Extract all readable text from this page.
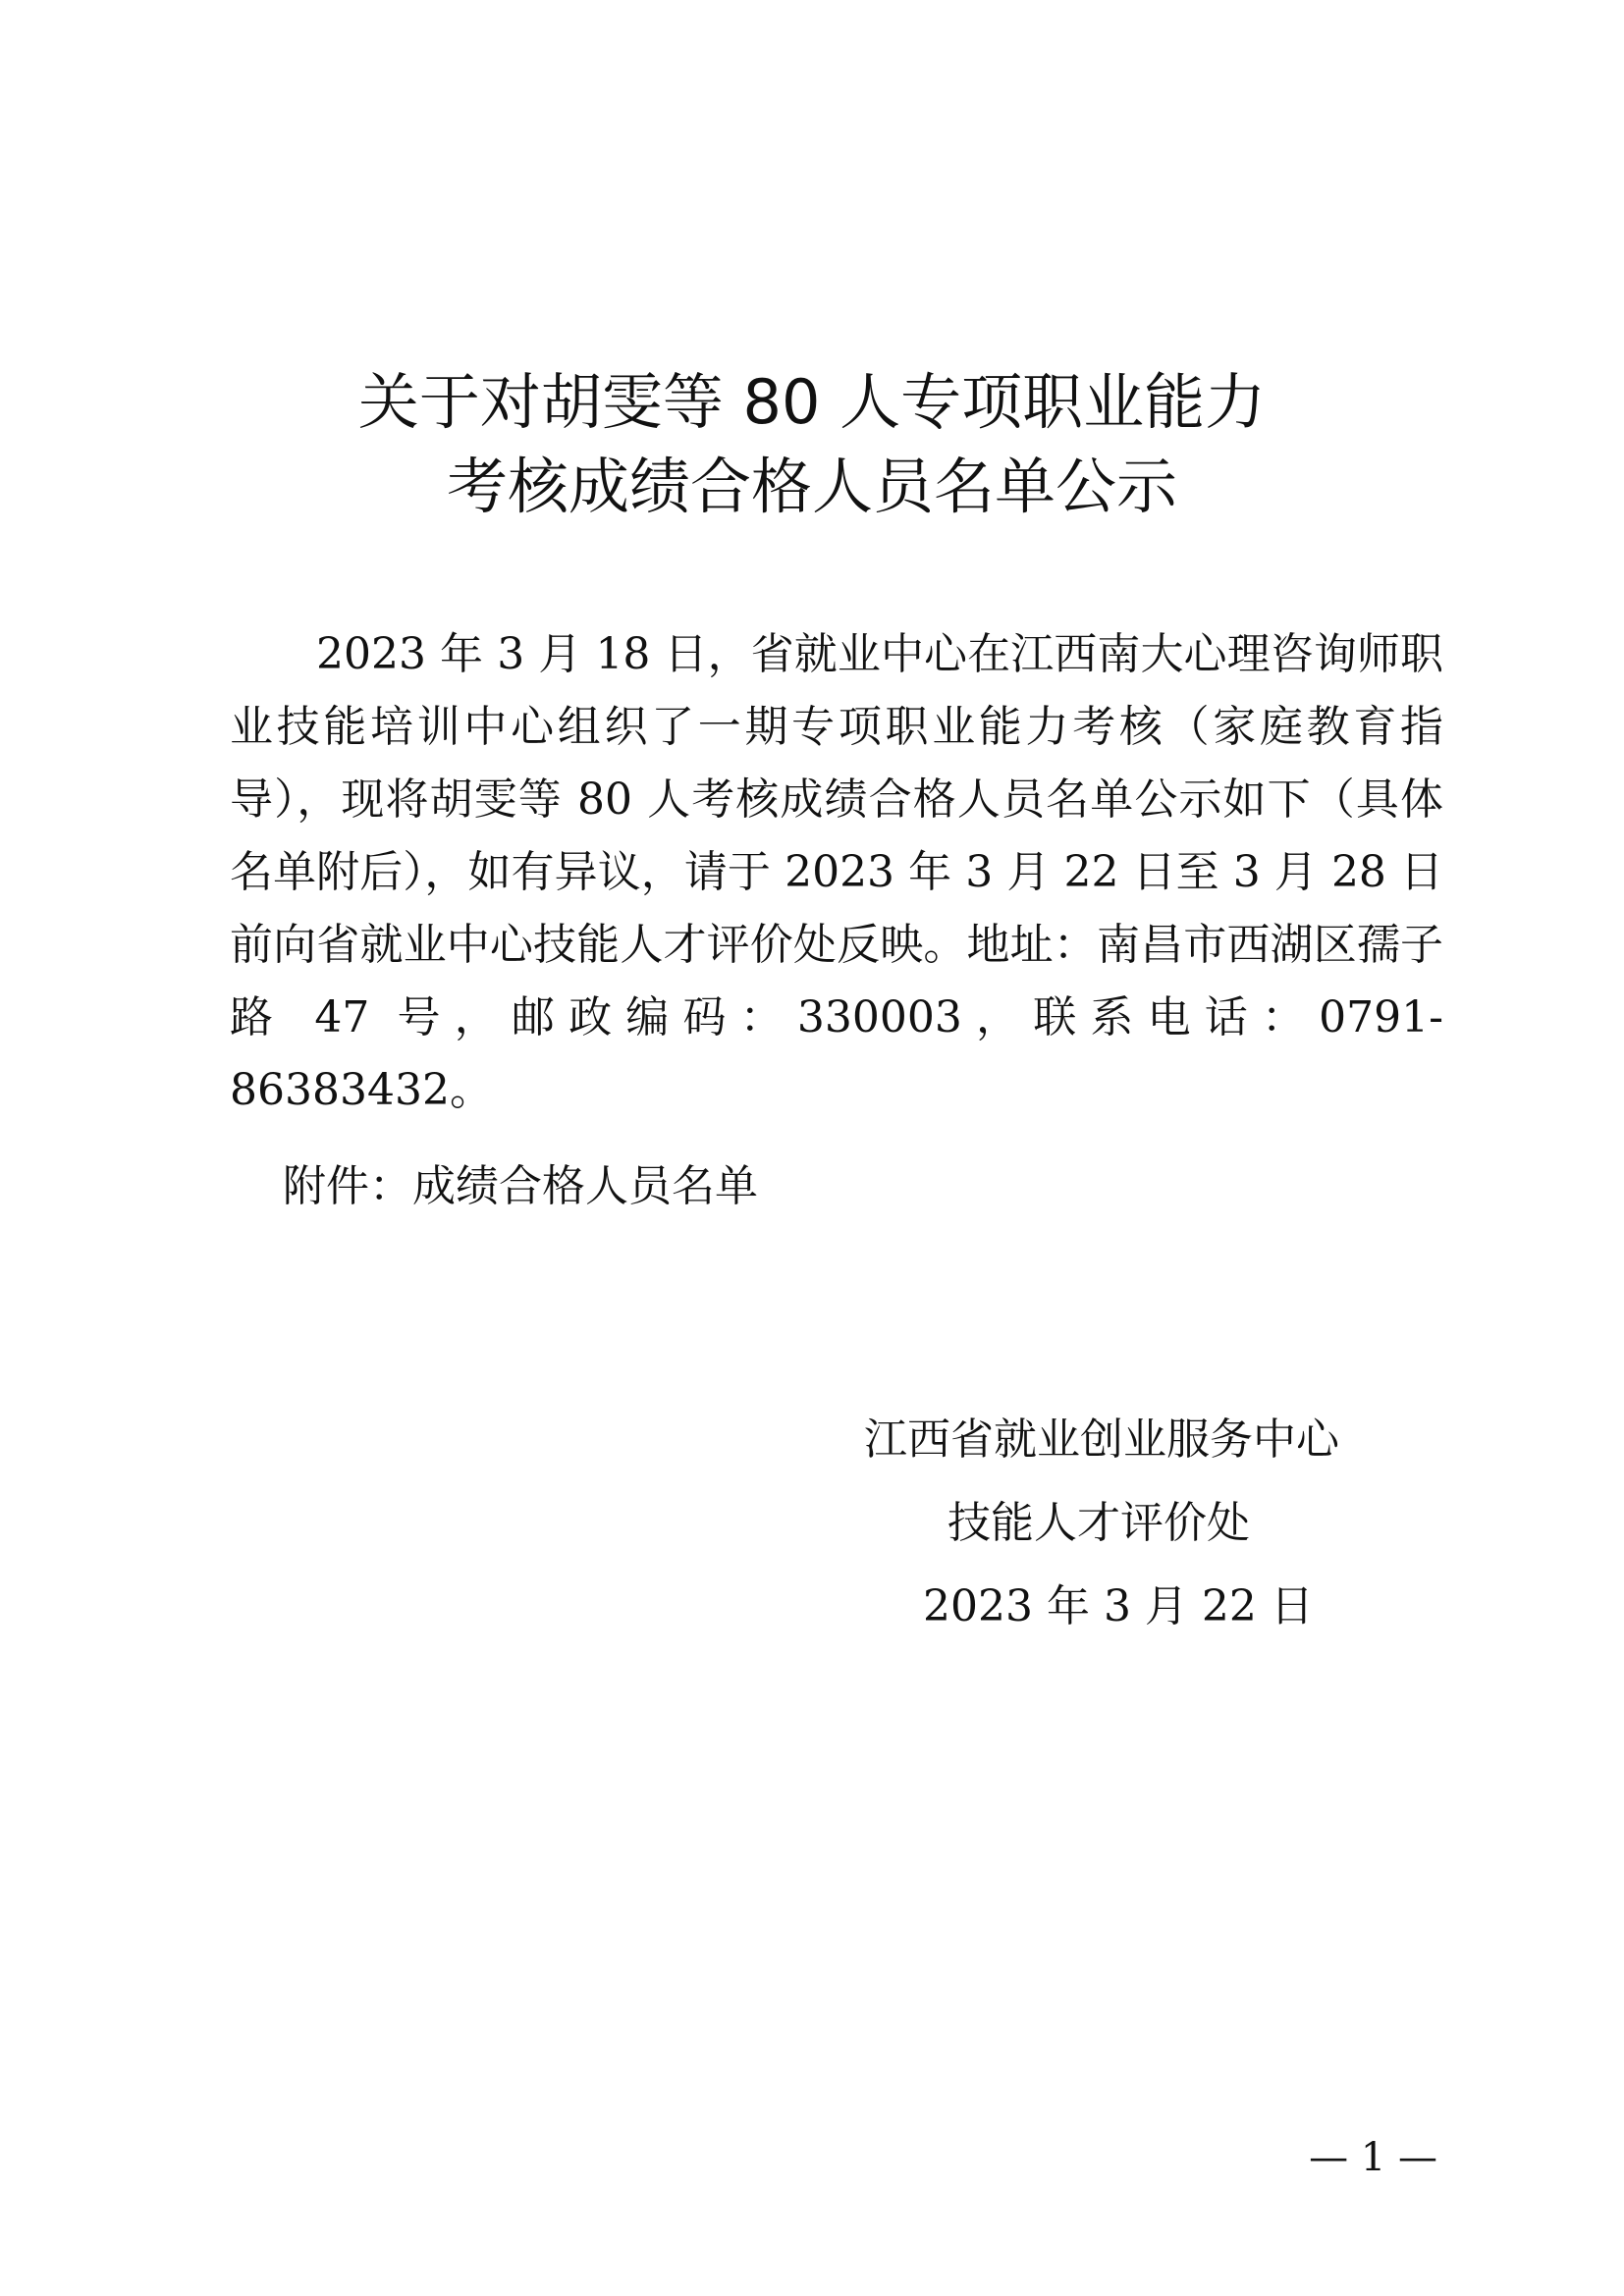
关于对胡雯等 80 人专项职业能力
考核成绩合格人员名单公示

2023 年 3 月 18 日，省就业中心在江西南大心理咨询师职业技能培训中心组织了一期专项职业能力考核（家庭教育指导），现将胡雯等 80 人考核成绩合格人员名单公示如下（具体名单附后），如有异议，请于 2023 年 3 月 22 日至 3 月 28 日前向省就业中心技能人才评价处反映。地址：南昌市西湖区孺子路 47 号，邮政编码：330003，联系电话：0791-86383432。

附件：成绩合格人员名单
江西省就业创业服务中心
技能人才评价处
2023 年 3 月 22 日
— 1 —
